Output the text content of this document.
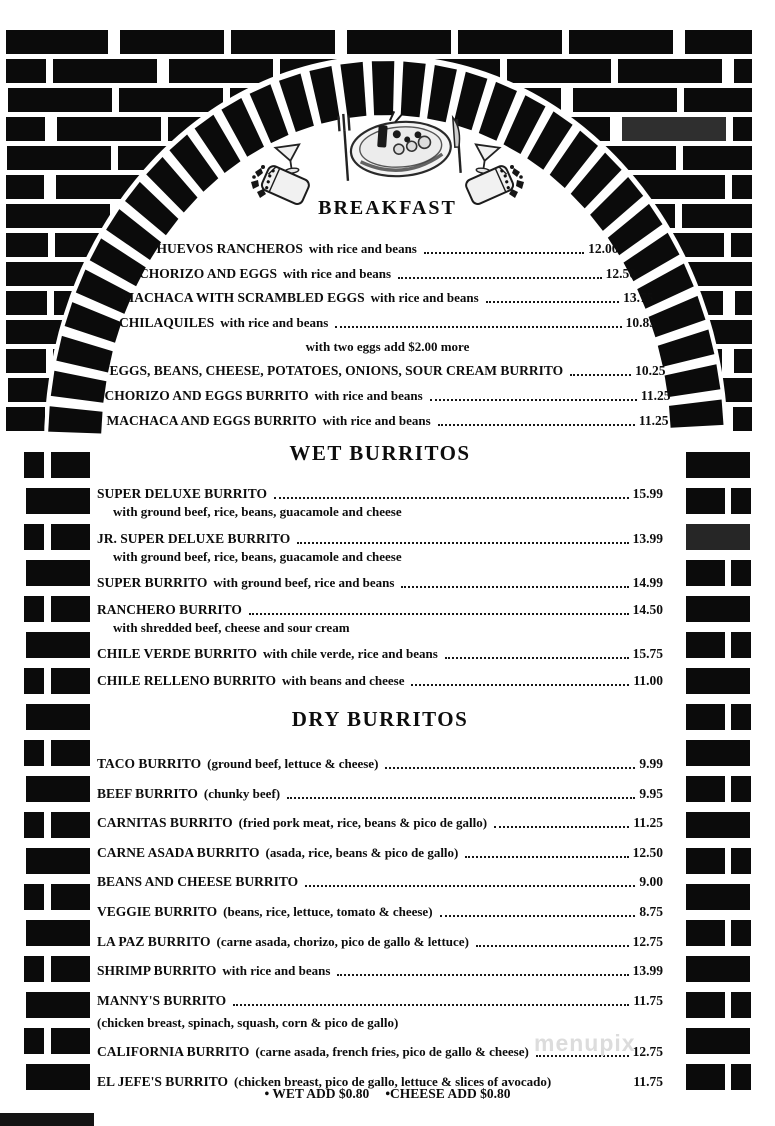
BREAKFAST
HUEVOS RANCHEROS with rice and beans	12.00
CHORIZO AND EGGS with rice and beans	12.50
MACHACA WITH SCRAMBLED EGGS with rice and beans	13.75
CHILAQUILES with rice and beans	10.85
with two eggs add $2.00 more
EGGS, BEANS, CHEESE, POTATOES, ONIONS, SOUR CREAM BURRITO	10.25
CHORIZO AND EGGS BURRITO with rice and beans	11.25
MACHACA AND EGGS BURRITO with rice and beans	11.25
WET BURRITOS
SUPER DELUXE BURRITO	15.99
with ground beef, rice, beans, guacamole and cheese
JR. SUPER DELUXE BURRITO	13.99
with ground beef, rice, beans, guacamole and cheese
SUPER BURRITO with ground beef, rice and beans	14.99
RANCHERO BURRITO	14.50
with shredded beef, cheese and sour cream
CHILE VERDE BURRITO with chile verde, rice and beans	15.75
CHILE RELLENO BURRITO with beans and cheese	11.00
DRY BURRITOS
TACO BURRITO (ground beef, lettuce & cheese)	9.99
BEEF BURRITO (chunky beef)	9.95
CARNITAS BURRITO (fried pork meat, rice, beans & pico de gallo)	11.25
CARNE ASADA BURRITO (asada, rice, beans & pico de gallo)	12.50
BEANS AND CHEESE BURRITO	9.00
VEGGIE BURRITO (beans, rice, lettuce, tomato & cheese)	8.75
LA PAZ BURRITO (carne asada, chorizo, pico de gallo & lettuce)	12.75
SHRIMP BURRITO with rice and beans	13.99
MANNY'S BURRITO	11.75
(chicken breast, spinach, squash, corn & pico de gallo)
CALIFORNIA BURRITO (carne asada, french fries, pico de gallo & cheese)	12.75
EL JEFE'S BURRITO (chicken breast, pico de gallo, lettuce & slices of avocado)	11.75
• WET ADD $0.80 •CHEESE ADD $0.80
menupix
